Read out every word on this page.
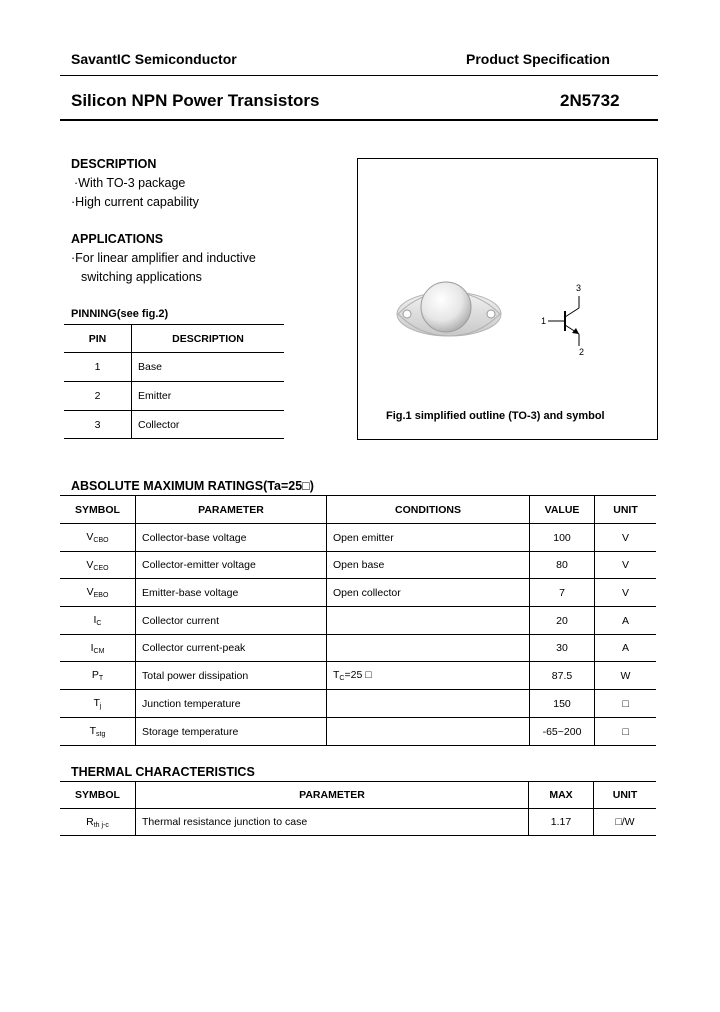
SavantIC Semiconductor	Product Specification
Silicon NPN Power Transistors	2N5732
DESCRIPTION
·With TO-3 package
·High current capability
APPLICATIONS
·For linear amplifier and inductive
switching applications
PINNING(see fig.2)
PIN	DESCRIPTION
1	Base
2	Emitter
3	Collector
1
2
3
Fig.1 simplified outline (TO-3) and symbol
ABSOLUTE MAXIMUM RATINGS(Ta=25□)
SYMBOL	PARAMETER	CONDITIONS	VALUE	UNIT
$V_{CBO}$	Collector-base voltage	Open emitter	100	V
$V_{CEO}$	Collector-emitter voltage	Open base	80	V
$V_{EBO}$	Emitter-base voltage	Open collector	7	V
$I_C$	Collector current		20	A
$I_{CM}$	Collector current-peak		30	A
$P_T$	Total power dissipation	$T_C=25$ □	87.5	W
$T_j$	Junction temperature		150	□
$T_{stg}$	Storage temperature		-65~200	□
THERMAL CHARACTERISTICS
SYMBOL	PARAMETER	MAX	UNIT
$R_{th j-c}$	Thermal resistance junction to case	1.17	□/W
